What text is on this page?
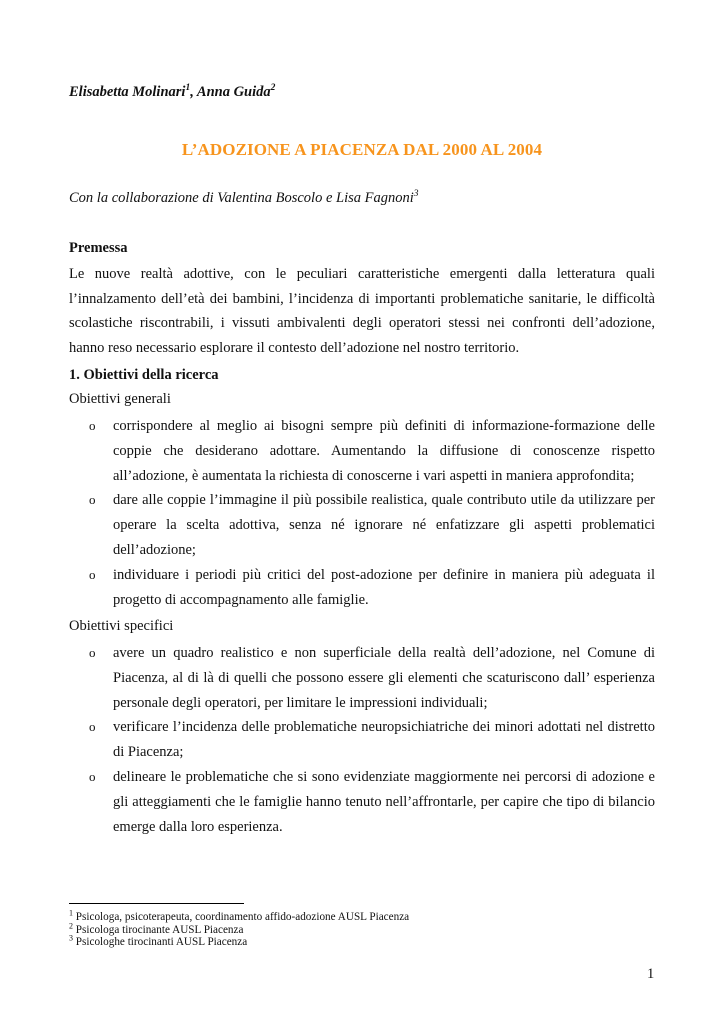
Elisabetta Molinari$^1$, Anna Guida$^2$
L’ADOZIONE A PIACENZA DAL 2000 AL 2004
Con la collaborazione di Valentina Boscolo e Lisa Fagnoni$^3$
Premessa
Le nuove realtà adottive, con le peculiari caratteristiche emergenti dalla letteratura quali l’innalzamento dell’età dei bambini, l’incidenza di importanti problematiche sanitarie, le difficoltà scolastiche riscontrabili, i vissuti ambivalenti degli operatori stessi nei confronti dell’adozione, hanno reso necessario esplorare il contesto dell’adozione nel nostro territorio.
1. Obiettivi della ricerca
Obiettivi generali
o corrispondere al meglio ai bisogni sempre più definiti di informazione-formazione delle coppie che desiderano adottare. Aumentando la diffusione di conoscenze rispetto all’adozione, è aumentata la richiesta di conoscerne i vari aspetti in maniera approfondita;
o dare alle coppie l’immagine il più possibile realistica, quale contributo utile da utilizzare per operare la scelta adottiva, senza né ignorare né enfatizzare gli aspetti problematici dell’adozione;
o individuare i periodi più critici del post-adozione per definire in maniera più adeguata il progetto di accompagnamento alle famiglie.
Obiettivi specifici
o avere un quadro realistico e non superficiale della realtà dell’adozione, nel Comune di Piacenza, al di là di quelli che possono essere gli elementi che scaturiscono dall’ esperienza personale degli operatori, per limitare le impressioni individuali;
o verificare l’incidenza delle problematiche neuropsichiatriche dei minori adottati nel distretto di Piacenza;
o delineare le problematiche che si sono evidenziate maggiormente nei percorsi di adozione e gli atteggiamenti che le famiglie hanno tenuto nell’affrontarle, per capire che tipo di bilancio emerge dalla loro esperienza.
$^1$ Psicologa, psicoterapeuta, coordinamento affido-adozione AUSL Piacenza
$^2$ Psicologa tirocinante AUSL Piacenza
$^3$ Psicologhe tirocinanti AUSL Piacenza
1
